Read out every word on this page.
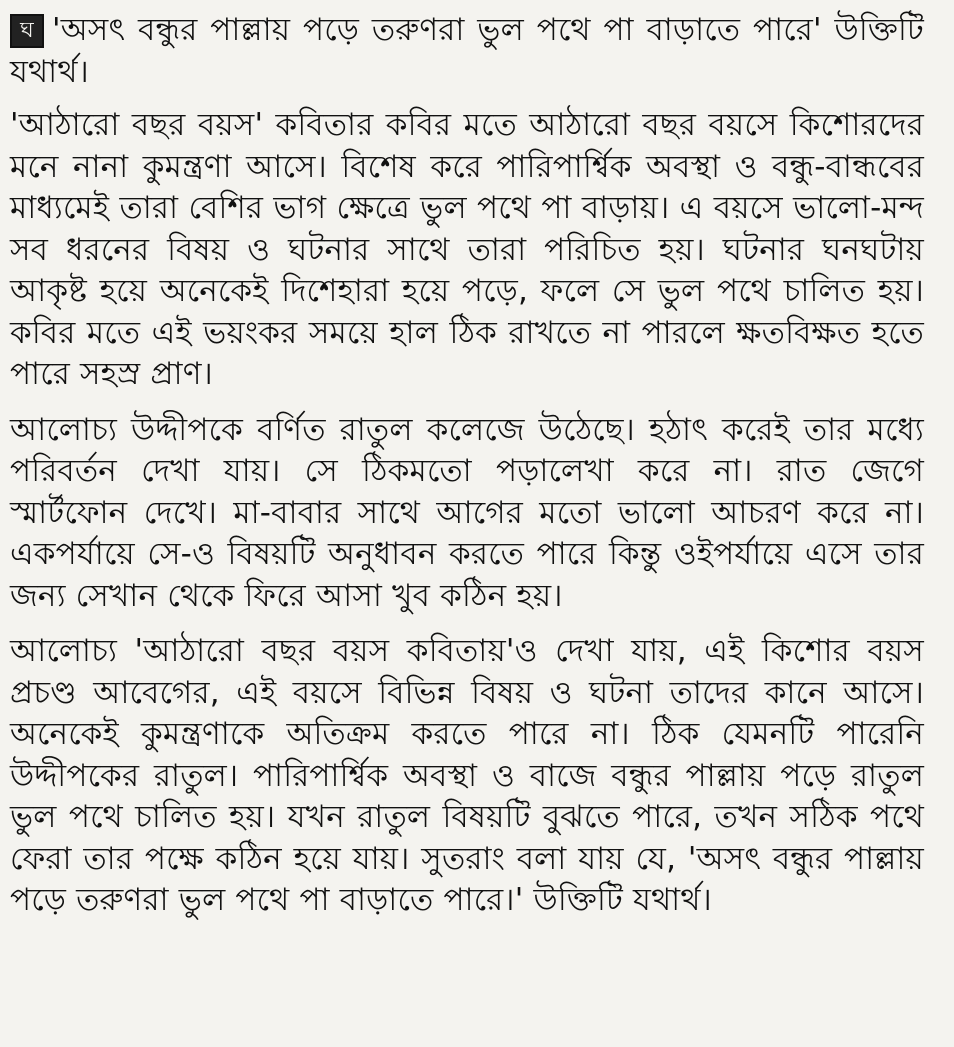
ঘ 'অসৎ বন্ধুর পাল্লায় পড়ে তরুণরা ভুল পথে পা বাড়াতে পারে' উক্তিটি যথার্থ।

'আঠারো বছর বয়স' কবিতার কবির মতে আঠারো বছর বয়সে কিশোরদের মনে নানা কুমন্ত্রণা আসে। বিশেষ করে পারিপার্শ্বিক অবস্থা ও বন্ধু-বান্ধবের মাধ্যমেই তারা বেশির ভাগ ক্ষেত্রে ভুল পথে পা বাড়ায়। এ বয়সে ভালো-মন্দ সব ধরনের বিষয় ও ঘটনার সাথে তারা পরিচিত হয়। ঘটনার ঘনঘটায় আকৃষ্ট হয়ে অনেকেই দিশেহারা হয়ে পড়ে, ফলে সে ভুল পথে চালিত হয়। কবির মতে এই ভয়ংকর সময়ে হাল ঠিক রাখতে না পারলে ক্ষতবিক্ষত হতে পারে সহস্র প্রাণ।

আলোচ্য উদ্দীপকে বর্ণিত রাতুল কলেজে উঠেছে। হঠাৎ করেই তার মধ্যে পরিবর্তন দেখা যায়। সে ঠিকমতো পড়ালেখা করে না। রাত জেগে স্মার্টফোন দেখে। মা-বাবার সাথে আগের মতো ভালো আচরণ করে না। একপর্যায়ে সে-ও বিষয়টি অনুধাবন করতে পারে কিন্তু ওইপর্যায়ে এসে তার জন্য সেখান থেকে ফিরে আসা খুব কঠিন হয়।

আলোচ্য 'আঠারো বছর বয়স কবিতায়'ও দেখা যায়, এই কিশোর বয়স প্রচণ্ড আবেগের, এই বয়সে বিভিন্ন বিষয় ও ঘটনা তাদের কানে আসে। অনেকেই কুমন্ত্রণাকে অতিক্রম করতে পারে না। ঠিক যেমনটি পারেনি উদ্দীপকের রাতুল। পারিপার্শ্বিক অবস্থা ও বাজে বন্ধুর পাল্লায় পড়ে রাতুল ভুল পথে চালিত হয়। যখন রাতুল বিষয়টি বুঝতে পারে, তখন সঠিক পথে ফেরা তার পক্ষে কঠিন হয়ে যায়। সুতরাং বলা যায় যে, 'অসৎ বন্ধুর পাল্লায় পড়ে তরুণরা ভুল পথে পা বাড়াতে পারে।' উক্তিটি যথার্থ।
